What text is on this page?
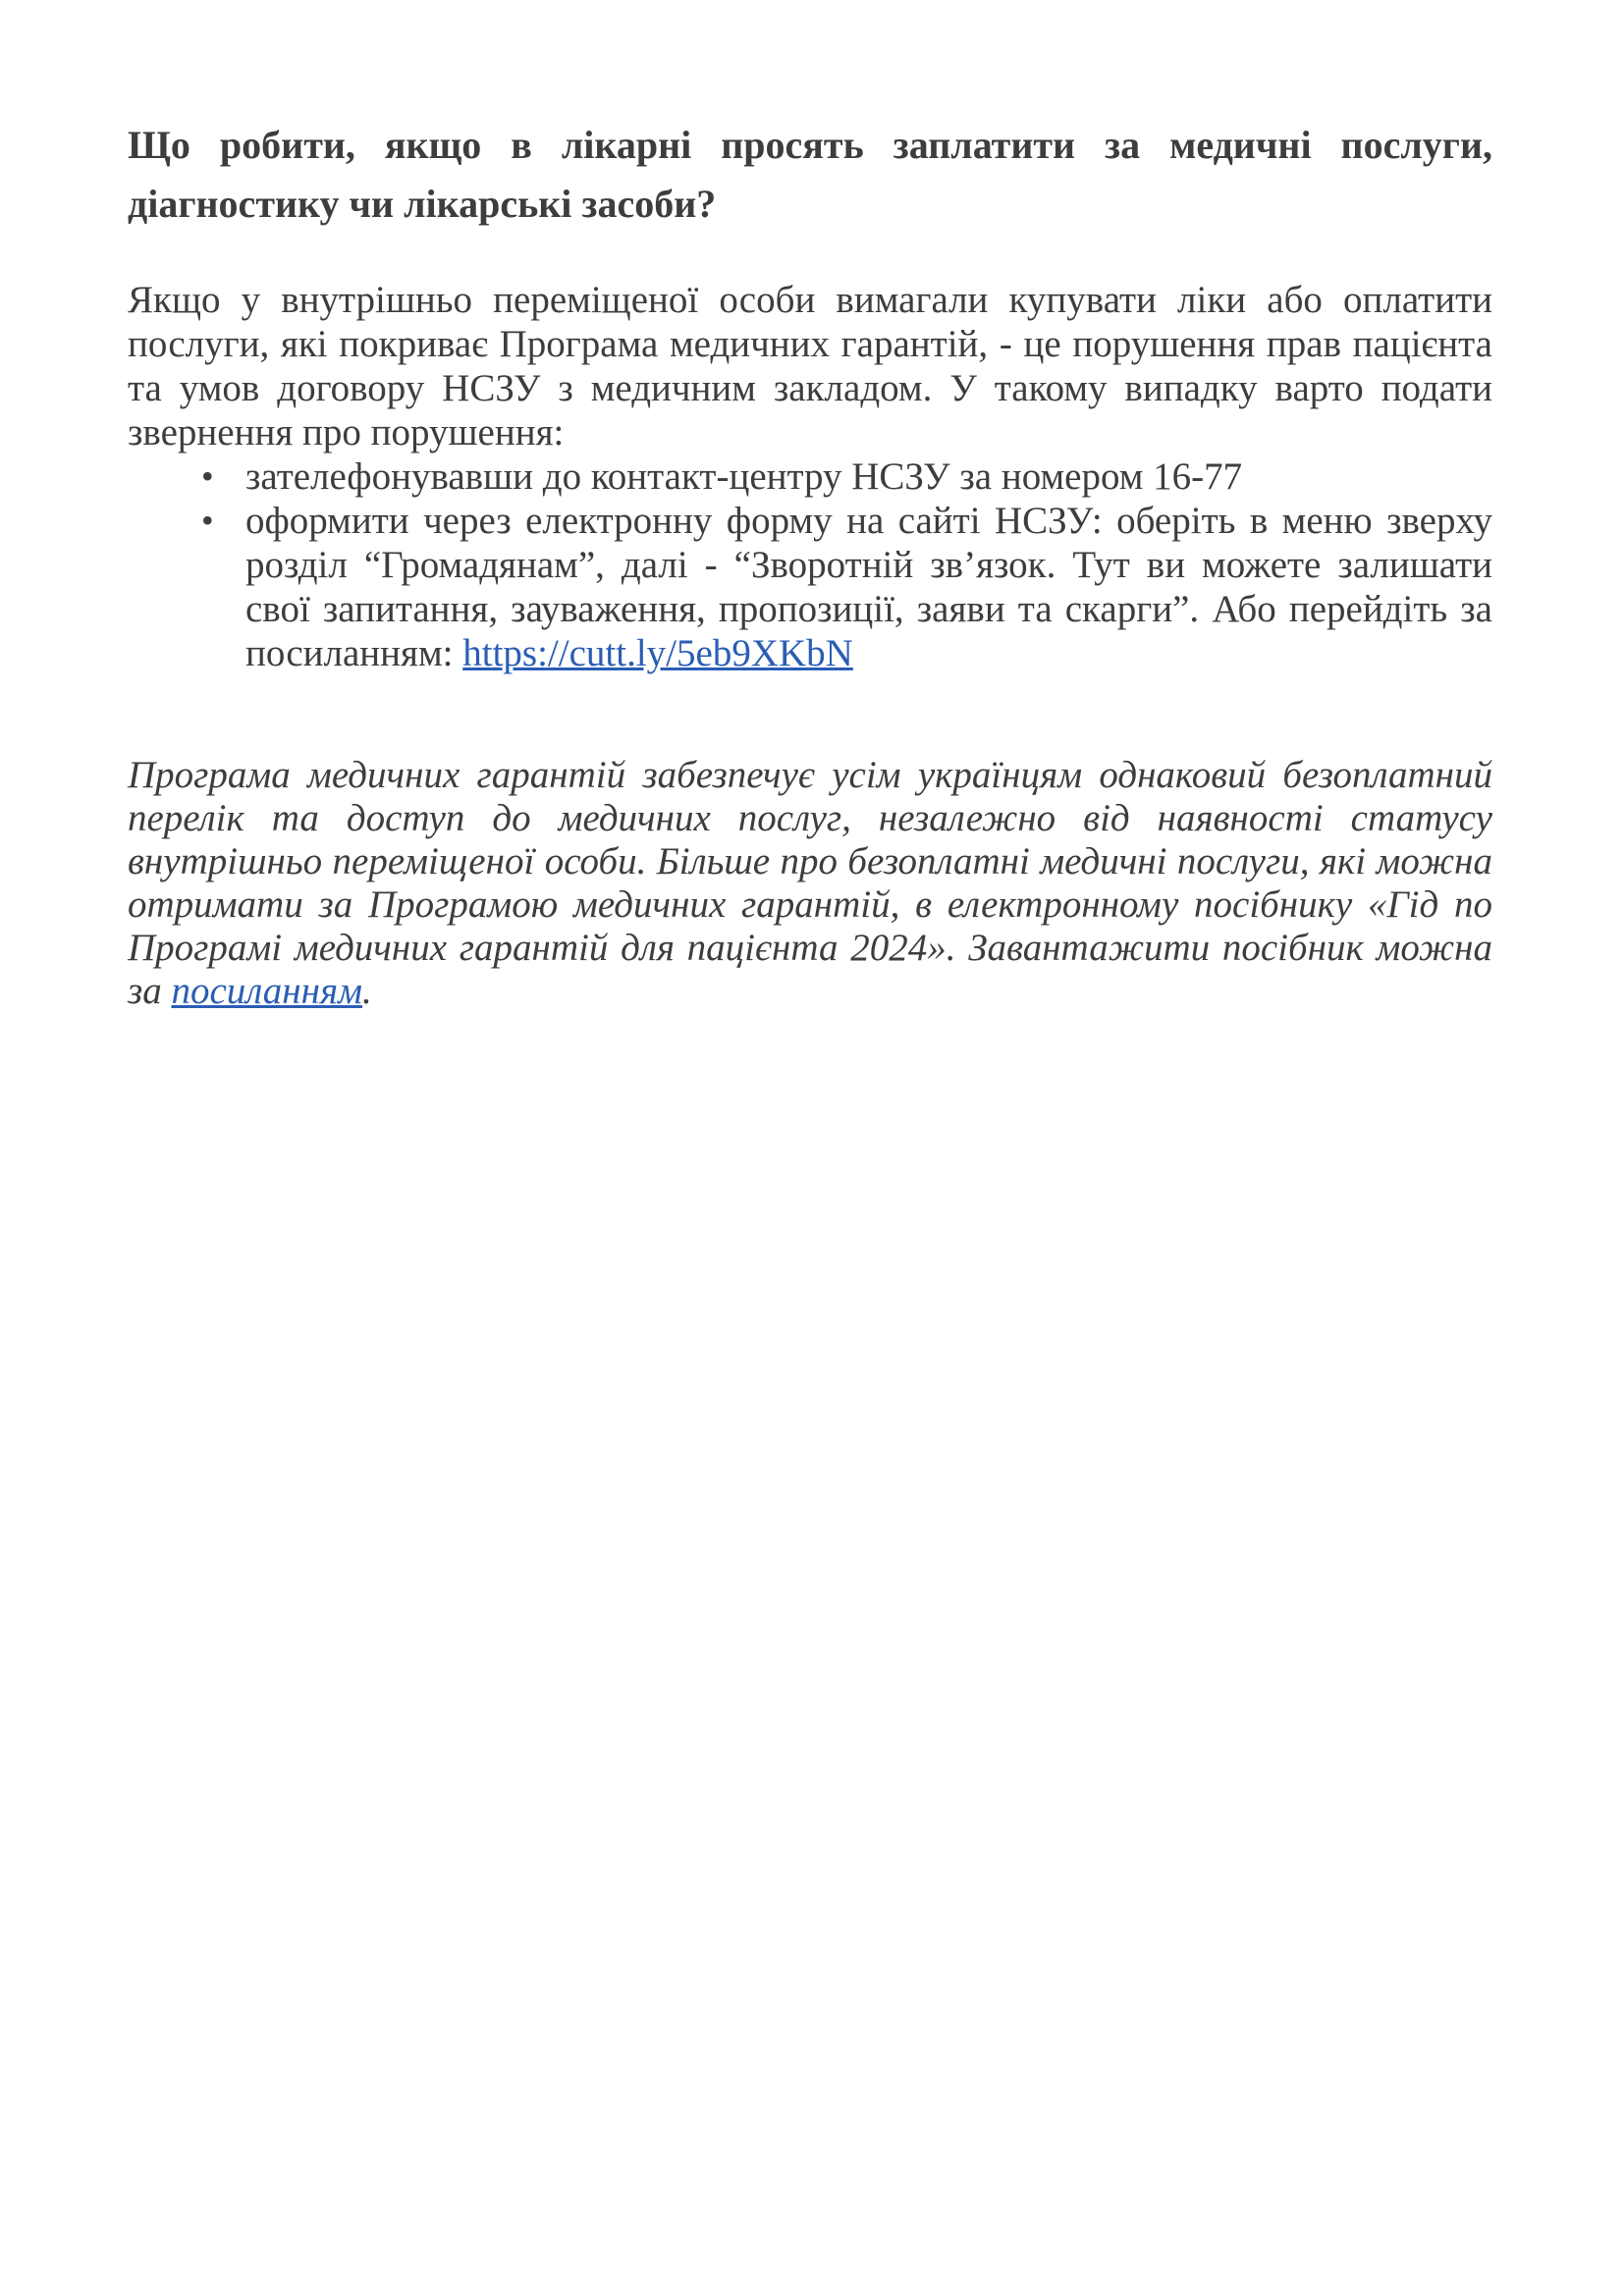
Що робити, якщо в лікарні просять заплатити за медичні послуги, діагностику чи лікарські засоби?

Якщо у внутрішньо переміщеної особи вимагали купувати ліки або оплатити послуги, які покриває Програма медичних гарантій, - це порушення прав пацієнта та умов договору НСЗУ з медичним закладом. У такому випадку варто подати звернення про порушення:

• зателефонувавши до контакт-центру НСЗУ за номером 16-77
• оформити через електронну форму на сайті НСЗУ: оберіть в меню зверху розділ “Громадянам”, далі - “Зворотній зв’язок. Тут ви можете залишати свої запитання, зауваження, пропозиції, заяви та скарги”. Або перейдіть за посиланням: https://cutt.ly/5eb9XKbN

Програма медичних гарантій забезпечує усім українцям однаковий безоплатний перелік та доступ до медичних послуг, незалежно від наявності статусу внутрішньо переміщеної особи. Більше про безоплатні медичні послуги, які можна отримати за Програмою медичних гарантій, в електронному посібнику «Гід по Програмі медичних гарантій для пацієнта 2024». Завантажити посібник можна за посиланням.
